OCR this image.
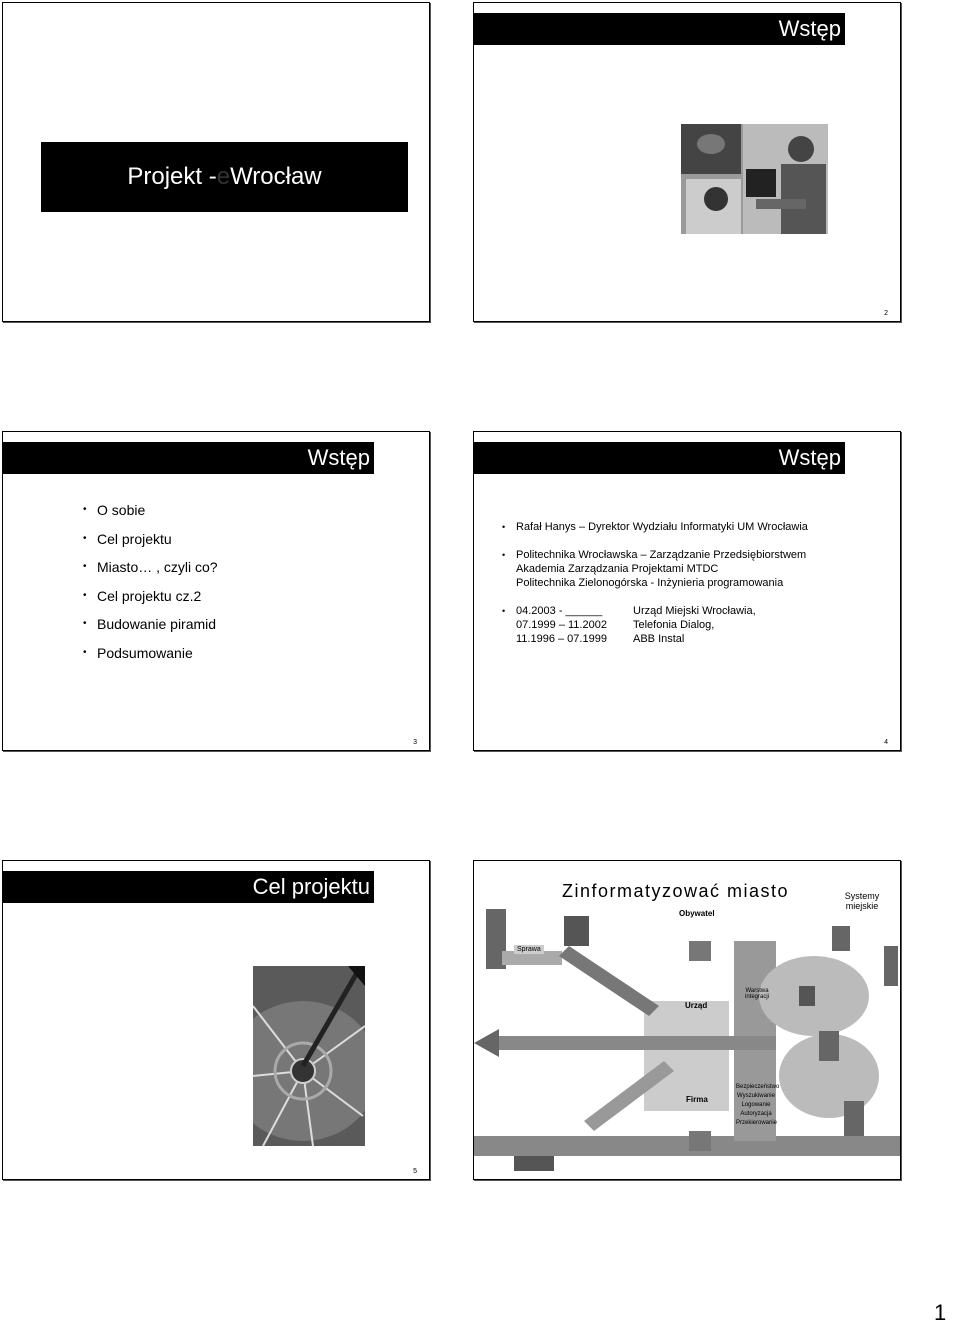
Projekt - e Wrocław
Wstęp
2
Wstęp
• O sobie
• Cel projektu
• Miasto… , czyli co?
• Cel projektu cz.2
• Budowanie piramid
• Podsumowanie
3
Wstęp
• Rafał Hanys – Dyrektor Wydziału Informatyki UM Wrocławia
• Politechnika Wrocławska – Zarządzanie Przedsiębiorstwem
Akademia Zarządzania Projektami MTDC
Politechnika Zielonogórska - Inżynieria programowania
• 04.2003 - ______	Urząd Miejski Wrocławia,
07.1999 – 11.2002	Telefonia Dialog,
11.1996 – 07.1999	ABB Instal
4
Cel projektu
5
Zinformatyzować miasto	Systemy miejskie
Obywatel
Sprawa
Urząd
Warstwa integracji
Firma
Bezpieczeństwo Wyszukiwanie Logowanie Autoryzacja Przekierowanie
1
